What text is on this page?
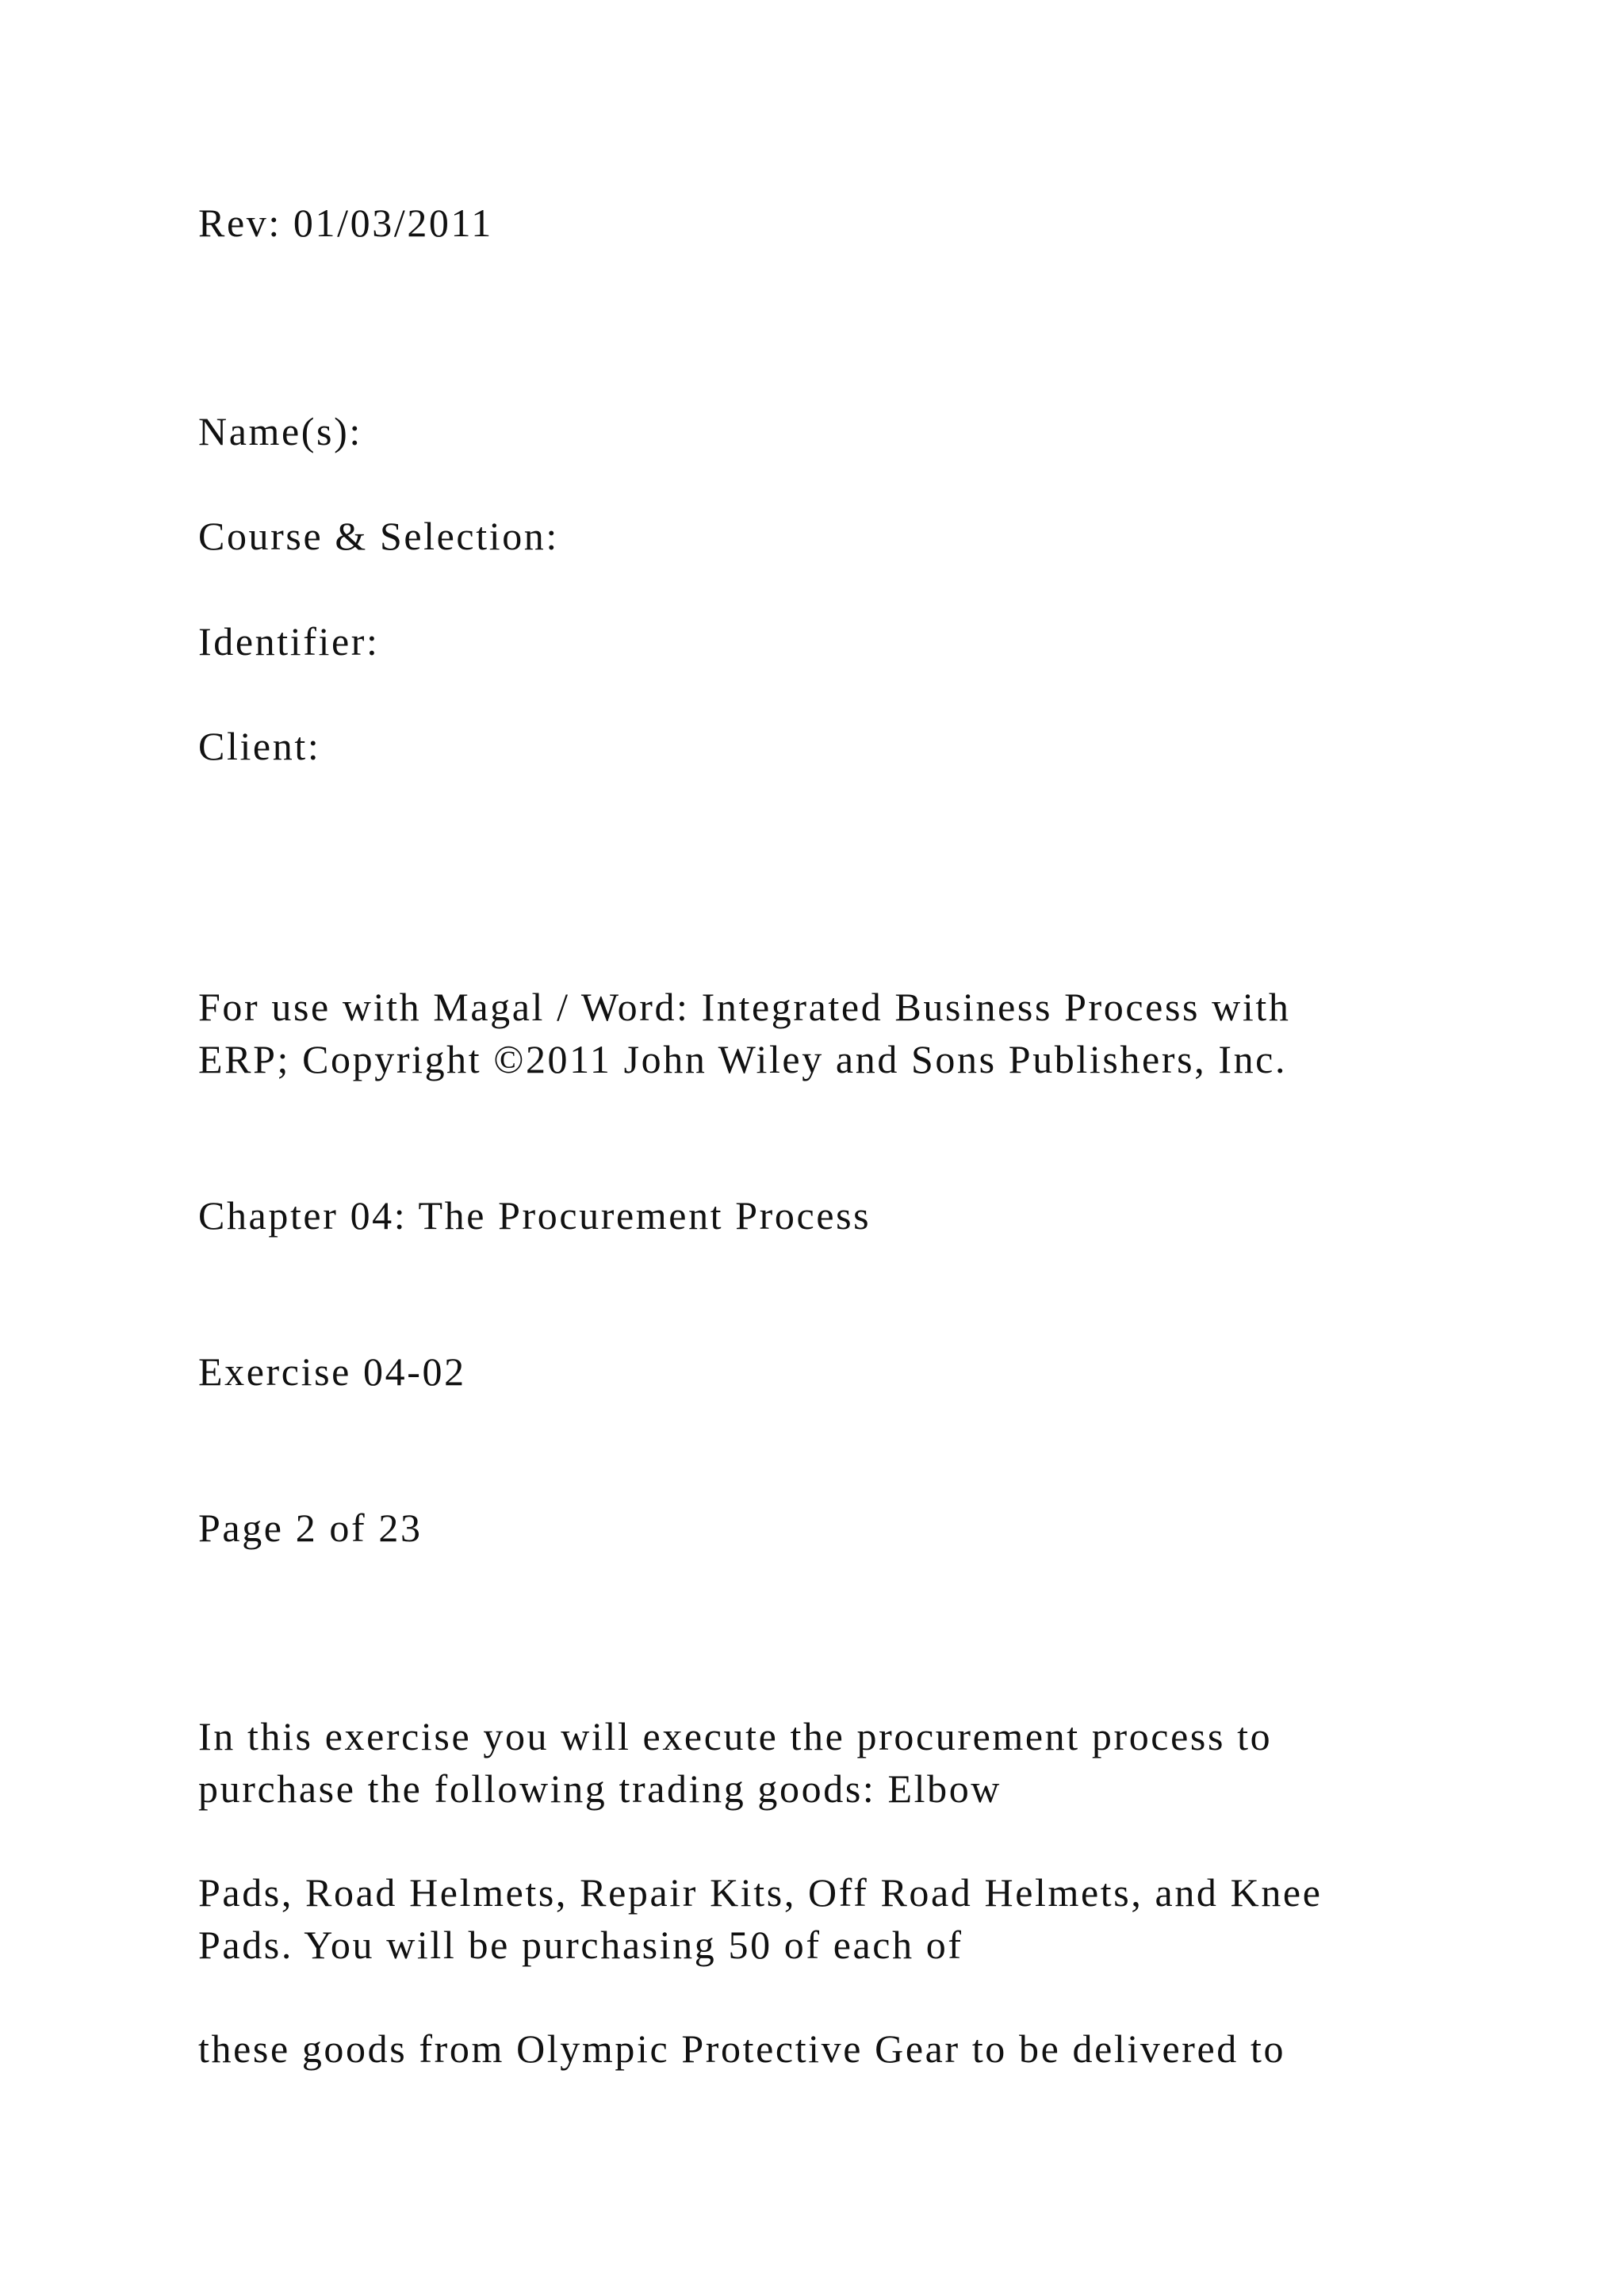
Rev: 01/03/2011

Name(s):

Course & Selection:

Identifier:

Client:

For use with Magal / Word: Integrated Business Process with

ERP; Copyright ©2011 John Wiley and Sons Publishers, Inc.

Chapter 04: The Procurement Process

Exercise 04-02

Page 2 of 23

In this exercise you will execute the procurement process to

purchase the following trading goods: Elbow

Pads, Road Helmets, Repair Kits, Off Road Helmets, and Knee

Pads. You will be purchasing 50 of each of

these goods from Olympic Protective Gear to be delivered to
